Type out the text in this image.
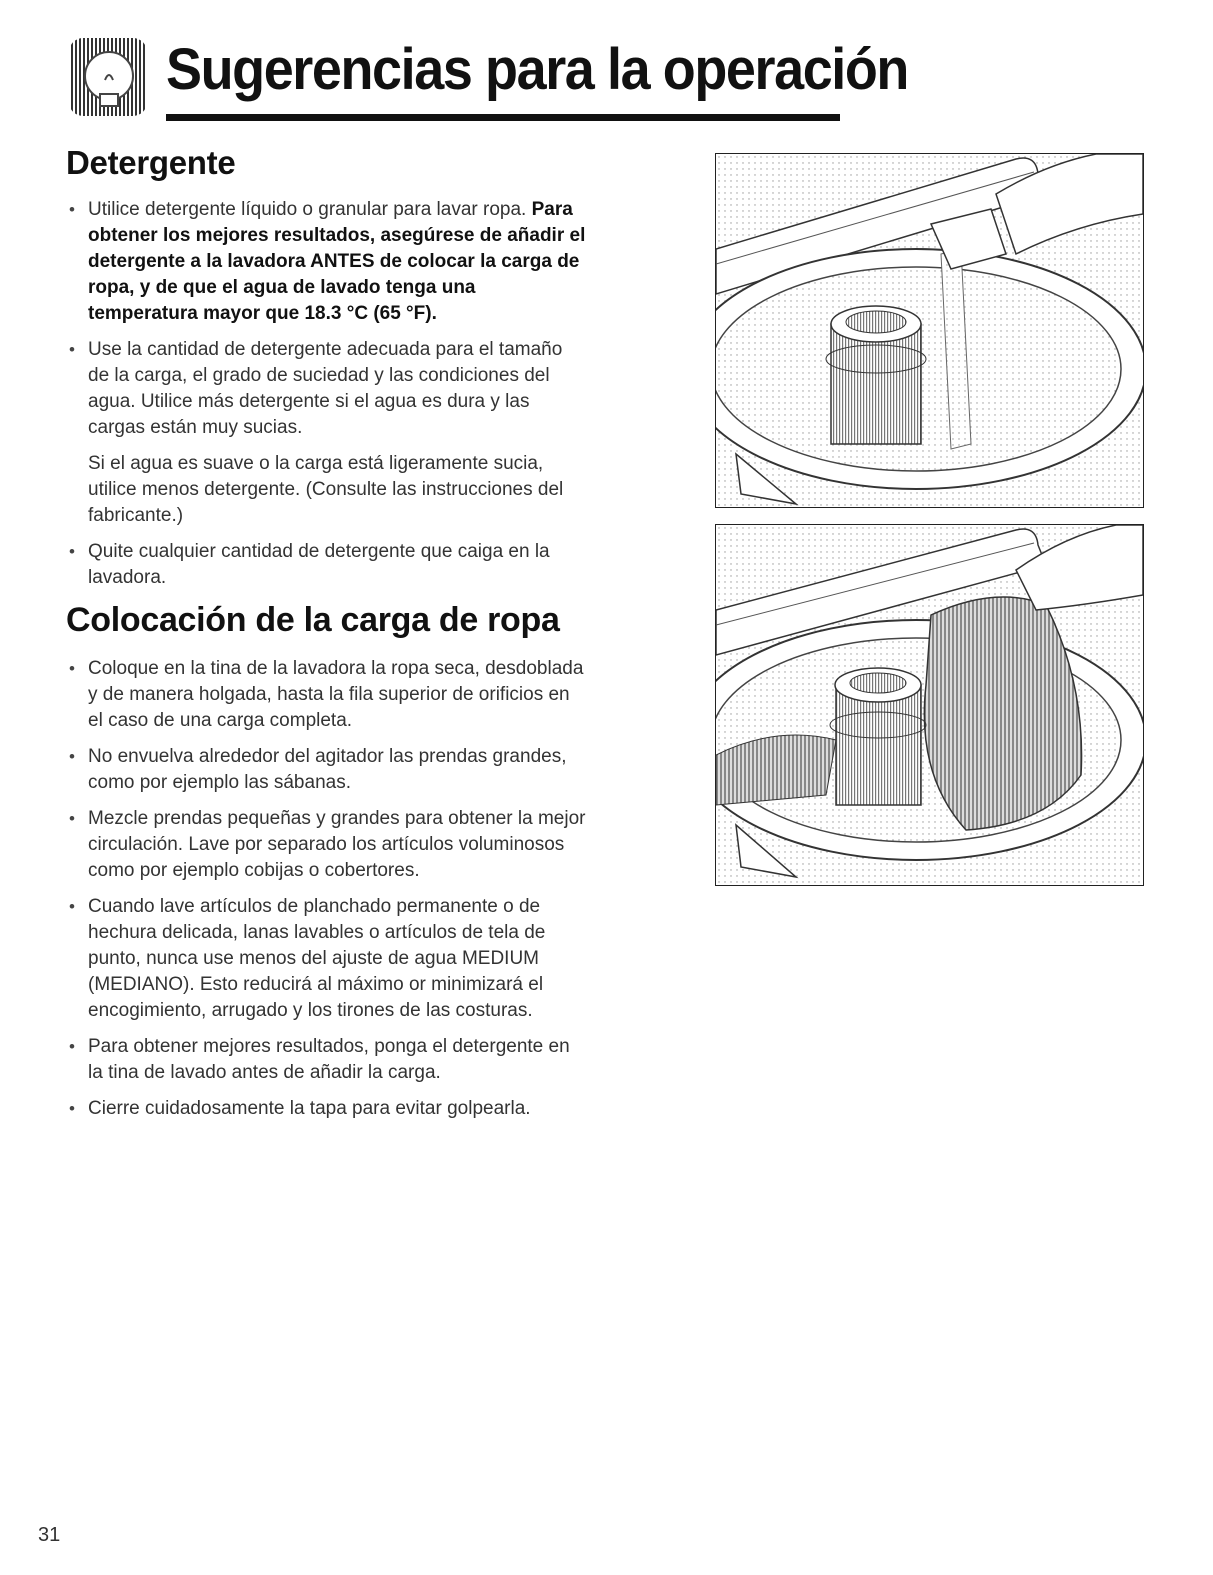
Sugerencias para la operación
Detergente
• Utilice detergente líquido o granular para lavar ropa. Para obtener los mejores resultados, asegúrese de añadir el detergente a la lavadora ANTES de colocar la carga de ropa, y de que el agua de lavado tenga una temperatura mayor que 18.3 °C (65 °F).
• Use la cantidad de detergente adecuada para el tamaño de la carga, el grado de suciedad y las condiciones del agua. Utilice más detergente si el agua es dura y las cargas están muy sucias.

Si el agua es suave o la carga está ligeramente sucia, utilice menos detergente. (Consulte las instrucciones del fabricante.)

• Quite cualquier cantidad de detergente que caiga en la lavadora.
Colocación de la carga de ropa
• Coloque en la tina de la lavadora la ropa seca, desdoblada y de manera holgada, hasta la fila superior de orificios en el caso de una carga completa.
• No envuelva alrededor del agitador las prendas grandes, como por ejemplo las sábanas.
• Mezcle prendas pequeñas y grandes para obtener la mejor circulación. Lave por separado los artículos voluminosos como por ejemplo cobijas o cobertores.
• Cuando lave artículos de planchado permanente o de hechura delicada, lanas lavables o artículos de tela de punto, nunca use menos del ajuste de agua MEDIUM (MEDIANO). Esto reducirá al máximo or minimizará el encogimiento, arrugado y los tirones de las costuras.
• Para obtener mejores resultados, ponga el detergente en la tina de lavado antes de añadir la carga.
• Cierre cuidadosamente la tapa para evitar golpearla.
31
